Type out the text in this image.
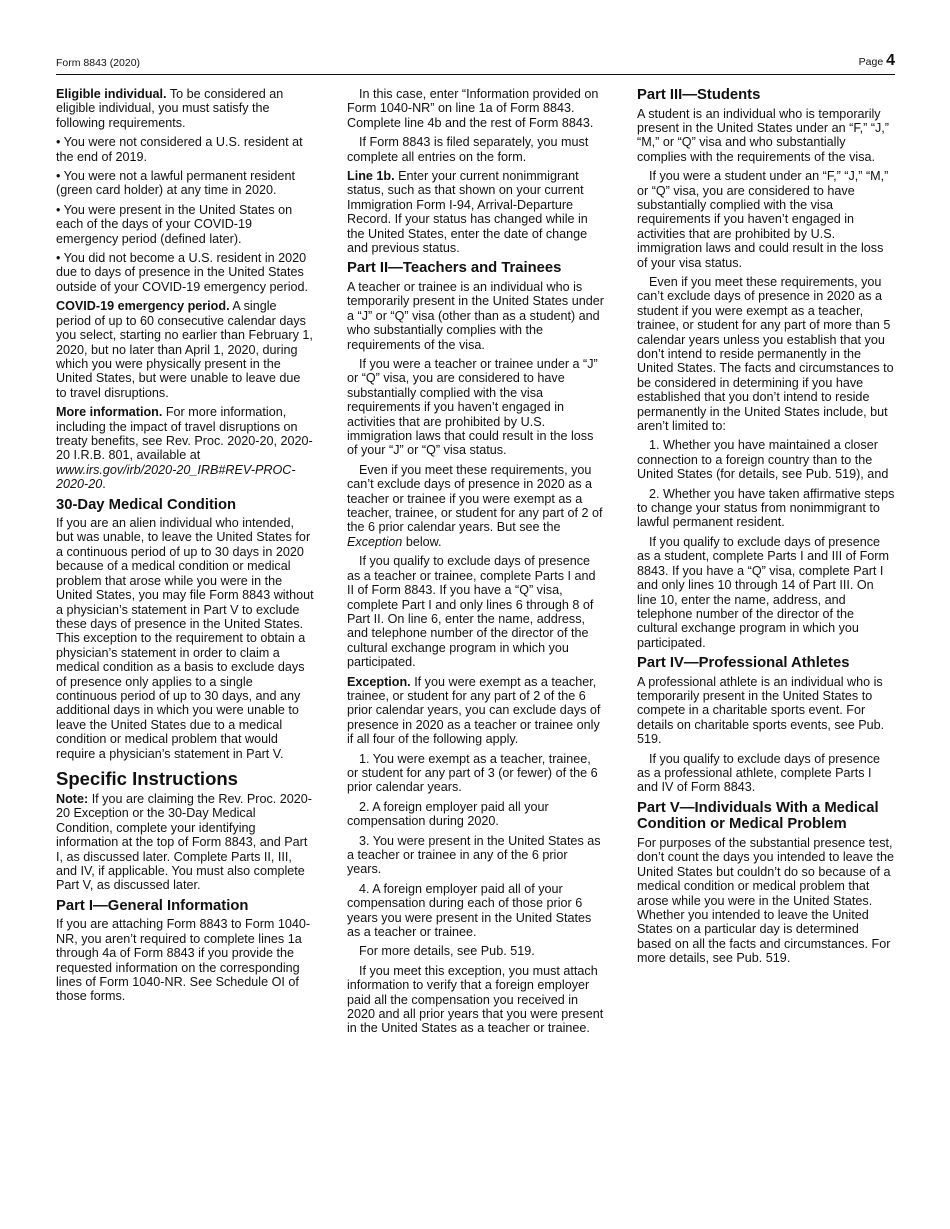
Form 8843 (2020)	Page 4

Eligible individual. To be considered an eligible individual, you must satisfy the following requirements.

• You were not considered a U.S. resident at the end of 2019.

• You were not a lawful permanent resident (green card holder) at any time in 2020.

• You were present in the United States on each of the days of your COVID-19 emergency period (defined later).

• You did not become a U.S. resident in 2020 due to days of presence in the United States outside of your COVID-19 emergency period.

COVID-19 emergency period. A single period of up to 60 consecutive calendar days you select, starting no earlier than February 1, 2020, but no later than April 1, 2020, during which you were physically present in the United States, but were unable to leave due to travel disruptions.

More information. For more information, including the impact of travel disruptions on treaty benefits, see Rev. Proc. 2020-20, 2020-20 I.R.B. 801, available at www.irs.gov/irb/2020-20_IRB#REV-PROC-2020-20.

30-Day Medical Condition

If you are an alien individual who intended, but was unable, to leave the United States for a continuous period of up to 30 days in 2020 because of a medical condition or medical problem that arose while you were in the United States, you may file Form 8843 without a physician’s statement in Part V to exclude these days of presence in the United States. This exception to the requirement to obtain a physician’s statement in order to claim a medical condition as a basis to exclude days of presence only applies to a single continuous period of up to 30 days, and any additional days in which you were unable to leave the United States due to a medical condition or medical problem that would require a physician’s statement in Part V.

Specific Instructions

Note: If you are claiming the Rev. Proc. 2020-20 Exception or the 30-Day Medical Condition, complete your identifying information at the top of Form 8843, and Part I, as discussed later. Complete Parts II, III, and IV, if applicable. You must also complete Part V, as discussed later.

Part I—General Information

If you are attaching Form 8843 to Form 1040-NR, you aren’t required to complete lines 1a through 4a of Form 8843 if you provide the requested information on the corresponding lines of Form 1040-NR. See Schedule OI of those forms.

In this case, enter “Information provided on Form 1040-NR” on line 1a of Form 8843. Complete line 4b and the rest of Form 8843.

If Form 8843 is filed separately, you must complete all entries on the form.

Line 1b. Enter your current nonimmigrant status, such as that shown on your current Immigration Form I-94, Arrival-Departure Record. If your status has changed while in the United States, enter the date of change and previous status.

Part II—Teachers and Trainees

A teacher or trainee is an individual who is temporarily present in the United States under a “J” or “Q” visa (other than as a student) and who substantially complies with the requirements of the visa.

If you were a teacher or trainee under a “J” or “Q” visa, you are considered to have substantially complied with the visa requirements if you haven’t engaged in activities that are prohibited by U.S. immigration laws that could result in the loss of your “J” or “Q” visa status.

Even if you meet these requirements, you can’t exclude days of presence in 2020 as a teacher or trainee if you were exempt as a teacher, trainee, or student for any part of 2 of the 6 prior calendar years. But see the Exception below.

If you qualify to exclude days of presence as a teacher or trainee, complete Parts I and II of Form 8843. If you have a “Q” visa, complete Part I and only lines 6 through 8 of Part II. On line 6, enter the name, address, and telephone number of the director of the cultural exchange program in which you participated.

Exception. If you were exempt as a teacher, trainee, or student for any part of 2 of the 6 prior calendar years, you can exclude days of presence in 2020 as a teacher or trainee only if all four of the following apply.

1. You were exempt as a teacher, trainee, or student for any part of 3 (or fewer) of the 6 prior calendar years.

2. A foreign employer paid all your compensation during 2020.

3. You were present in the United States as a teacher or trainee in any of the 6 prior years.

4. A foreign employer paid all of your compensation during each of those prior 6 years you were present in the United States as a teacher or trainee.

For more details, see Pub. 519.

If you meet this exception, you must attach information to verify that a foreign employer paid all the compensation you received in 2020 and all prior years that you were present in the United States as a teacher or trainee.

Part III—Students

A student is an individual who is temporarily present in the United States under an “F,” “J,” “M,” or “Q” visa and who substantially complies with the requirements of the visa.

If you were a student under an “F,” “J,” “M,” or “Q” visa, you are considered to have substantially complied with the visa requirements if you haven’t engaged in activities that are prohibited by U.S. immigration laws and could result in the loss of your visa status.

Even if you meet these requirements, you can’t exclude days of presence in 2020 as a student if you were exempt as a teacher, trainee, or student for any part of more than 5 calendar years unless you establish that you don’t intend to reside permanently in the United States. The facts and circumstances to be considered in determining if you have established that you don’t intend to reside permanently in the United States include, but aren’t limited to:

1. Whether you have maintained a closer connection to a foreign country than to the United States (for details, see Pub. 519), and

2. Whether you have taken affirmative steps to change your status from nonimmigrant to lawful permanent resident.

If you qualify to exclude days of presence as a student, complete Parts I and III of Form 8843. If you have a “Q” visa, complete Part I and only lines 10 through 14 of Part III. On line 10, enter the name, address, and telephone number of the director of the cultural exchange program in which you participated.

Part IV—Professional Athletes

A professional athlete is an individual who is temporarily present in the United States to compete in a charitable sports event. For details on charitable sports events, see Pub. 519.

If you qualify to exclude days of presence as a professional athlete, complete Parts I and IV of Form 8843.

Part V—Individuals With a Medical Condition or Medical Problem

For purposes of the substantial presence test, don’t count the days you intended to leave the United States but couldn’t do so because of a medical condition or medical problem that arose while you were in the United States. Whether you intended to leave the United States on a particular day is determined based on all the facts and circumstances. For more details, see Pub. 519.
